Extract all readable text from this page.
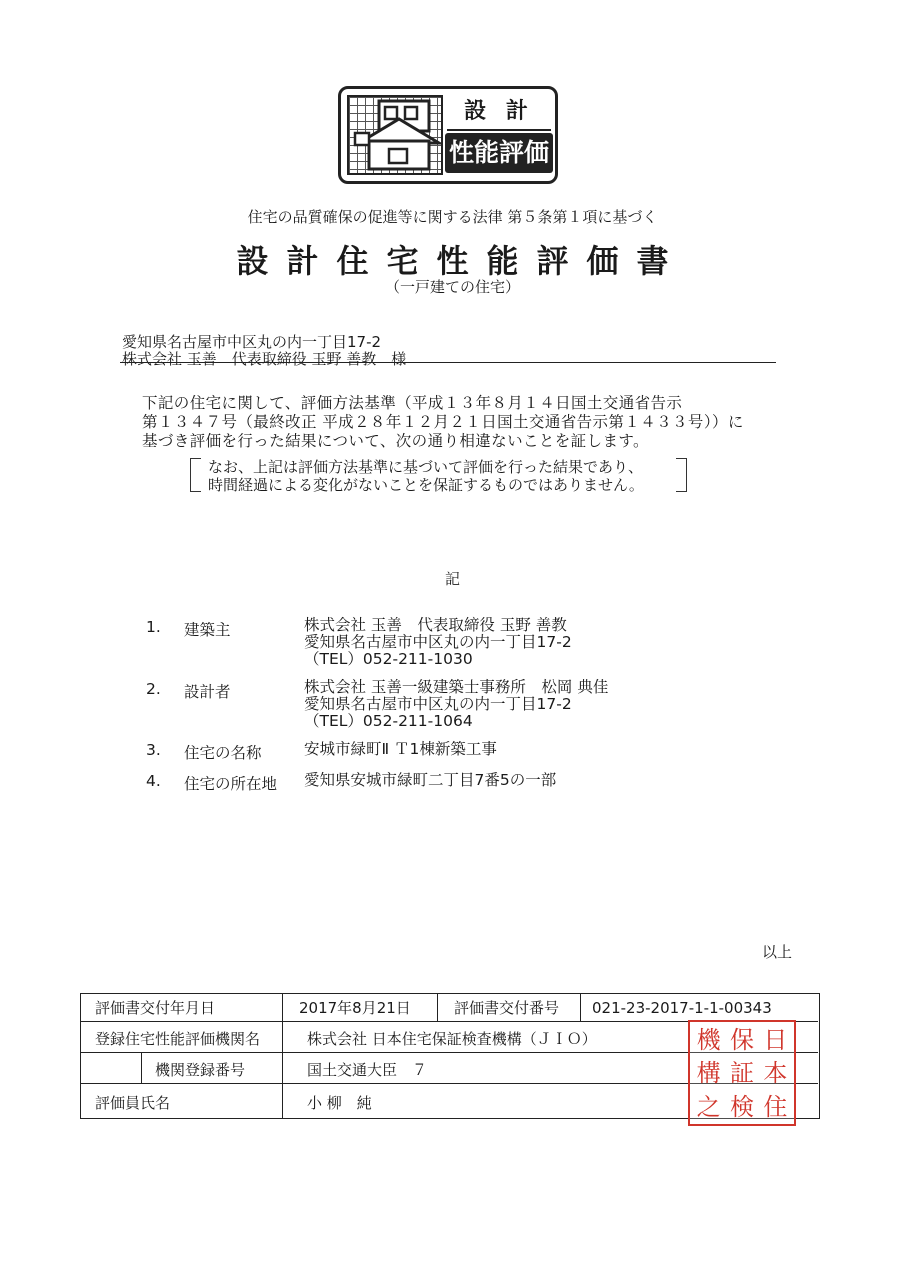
設 計
性能評価
住宅の品質確保の促進等に関する法律 第５条第１項に基づく
設計住宅性能評価書
（一戸建ての住宅）
愛知県名古屋市中区丸の内一丁目17-2
株式会社 玉善　代表取締役 玉野 善教　様
下記の住宅に関して、評価方法基準（平成１３年８月１４日国土交通省告示
第１３４７号（最終改正 平成２８年１２月２１日国土交通省告示第１４３３号））に
基づき評価を行った結果について、次の通り相違ないことを証します。
なお、上記は評価方法基準に基づいて評価を行った結果であり、
時間経過による変化がないことを保証するものではありません。
記
1. 建築主	株式会社 玉善　代表取締役 玉野 善教
愛知県名古屋市中区丸の内一丁目17-2
（TEL）052-211-1030
2. 設計者	株式会社 玉善一級建築士事務所　松岡 典佳
愛知県名古屋市中区丸の内一丁目17-2
（TEL）052-211-1064
3. 住宅の名称	安城市緑町Ⅱ Ｔ1棟新築工事
4. 住宅の所在地 愛知県安城市緑町二丁目7番5の一部
以上
評価書交付年月日	2017年8月21日	評価書交付番号 021-23-2017-1-1-00343
登録住宅性能評価機関名	株式会社 日本住宅保証検査機構（ＪＩＯ）
機関登録番号	国土交通大臣　７
評価員氏名	小 柳　純
機 保 日
構 証 本
之 検 住
